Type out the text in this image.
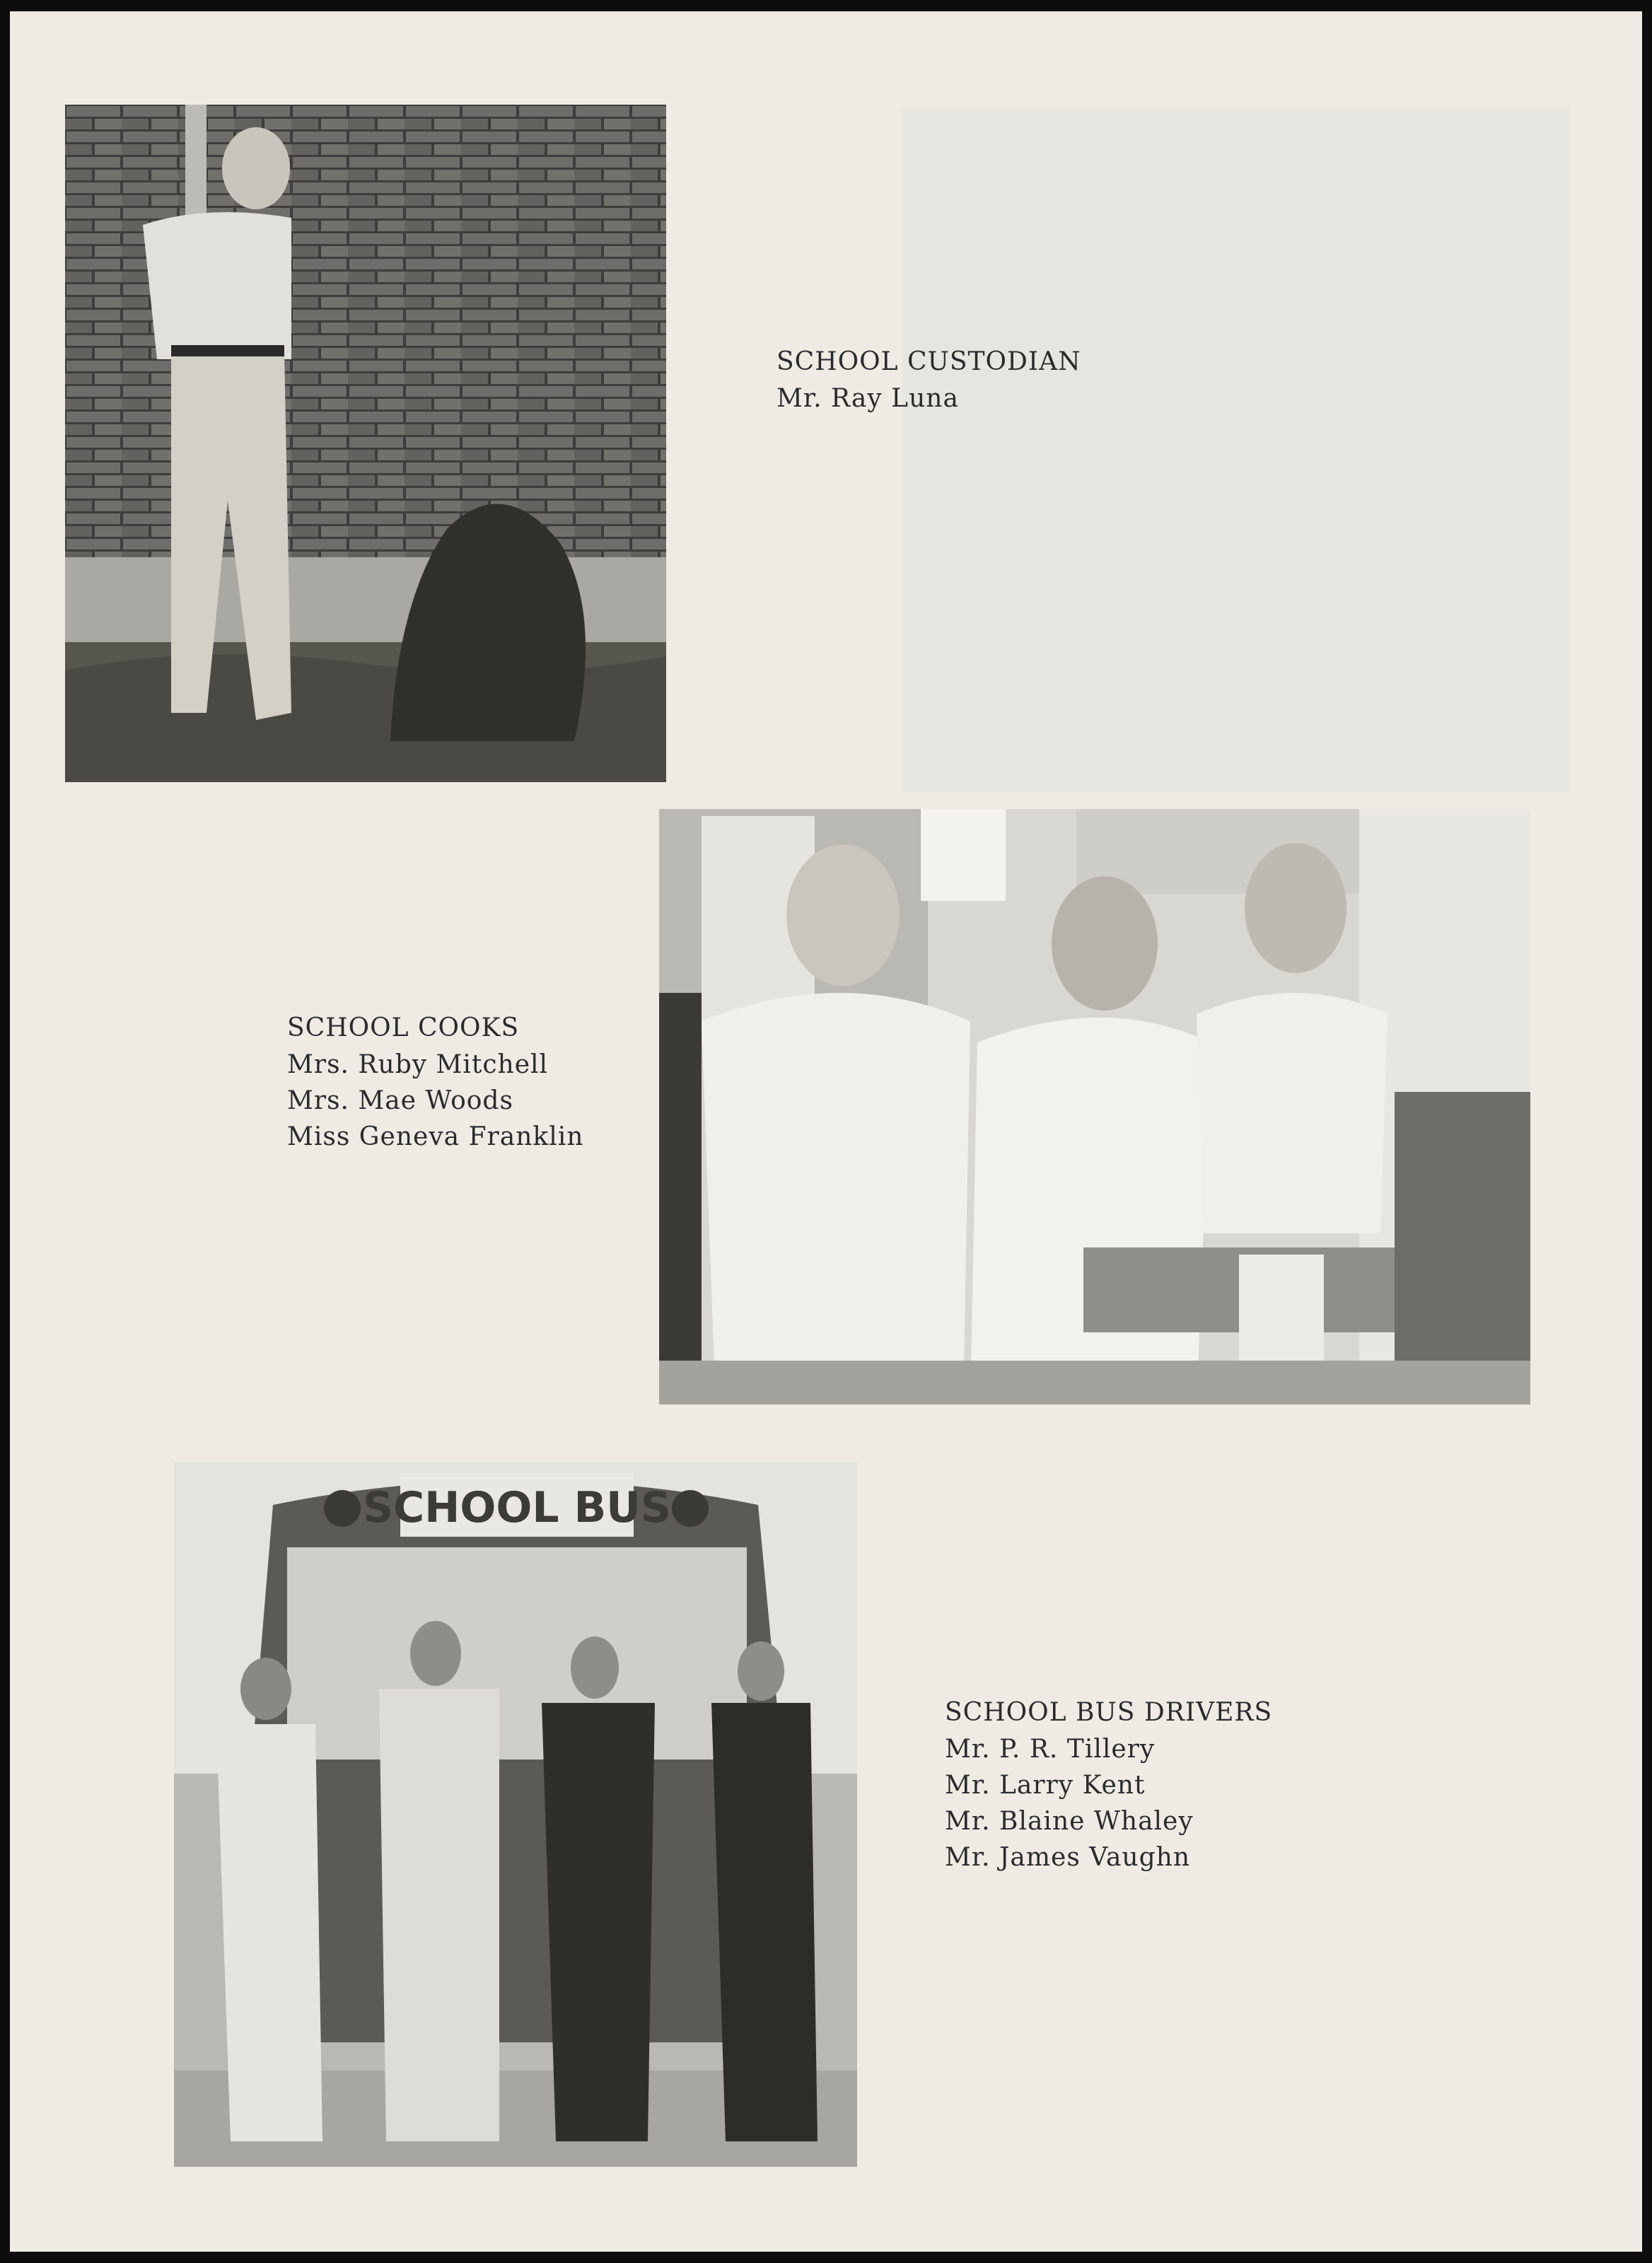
SCHOOL CUSTODIAN
Mr. Ray Luna
SCHOOL COOKS
Mrs. Ruby Mitchell
Mrs. Mae Woods
Miss Geneva Franklin
SCHOOL BUS
SCHOOL BUS DRIVERS
Mr. P. R. Tillery
Mr. Larry Kent
Mr. Blaine Whaley
Mr. James Vaughn
